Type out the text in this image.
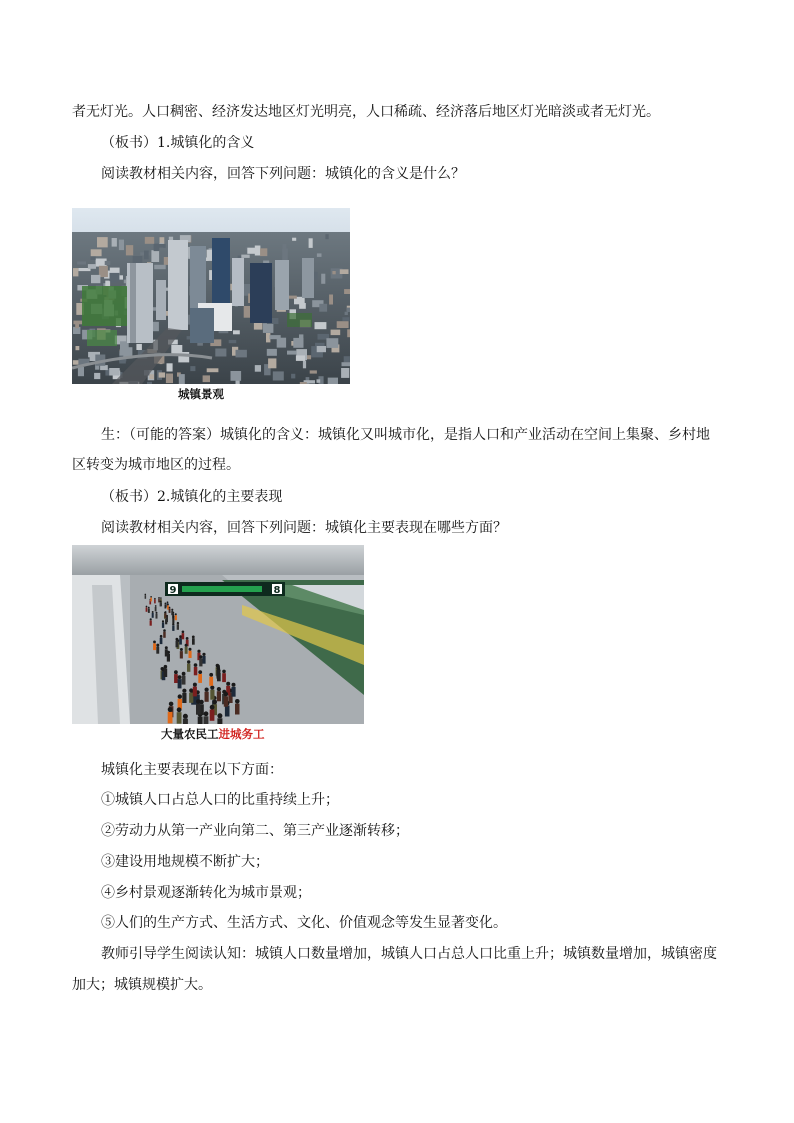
者无灯光。人口稠密、经济发达地区灯光明亮，人口稀疏、经济落后地区灯光暗淡或者无灯光。
（板书）1.城镇化的含义
阅读教材相关内容，回答下列问题：城镇化的含义是什么？
城镇景观
生：（可能的答案）城镇化的含义：城镇化又叫城市化，是指人口和产业活动在空间上集聚、乡村地
区转变为城市地区的过程。
（板书）2.城镇化的主要表现
阅读教材相关内容，回答下列问题：城镇化主要表现在哪些方面？
9	8
大量农民工进城务工
城镇化主要表现在以下方面：
①城镇人口占总人口的比重持续上升；
②劳动力从第一产业向第二、第三产业逐渐转移；
③建设用地规模不断扩大；
④乡村景观逐渐转化为城市景观；
⑤人们的生产方式、生活方式、文化、价值观念等发生显著变化。
教师引导学生阅读认知：城镇人口数量增加，城镇人口占总人口比重上升；城镇数量增加，城镇密度
加大；城镇规模扩大。
